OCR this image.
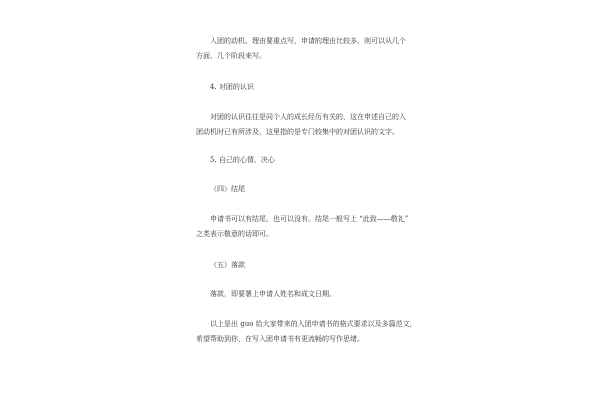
入团的动机、理由要重点写，申请的理由比较多，则可以从几个
方面、几个阶段来写。

4. 对团的认识

对团的认识往往是同个人的成长经历有关的，这在申述自己的入
团动机时已有所涉及，这里指的是专门较集中的对团认识的文字。

5. 自己的心情、决心

（四）结尾

申请书可以有结尾，也可以没有。结尾一般写上 “此致——敬礼”
之类表示敬意的话即可。

（五）落款

落款，即要署上申请人姓名和成文日期。

以上是出 guo 给大家带来的入团申请书的格式要求以及多篇范文，
希望帮助到你，在写入团申请书有更流畅的写作思绪。
